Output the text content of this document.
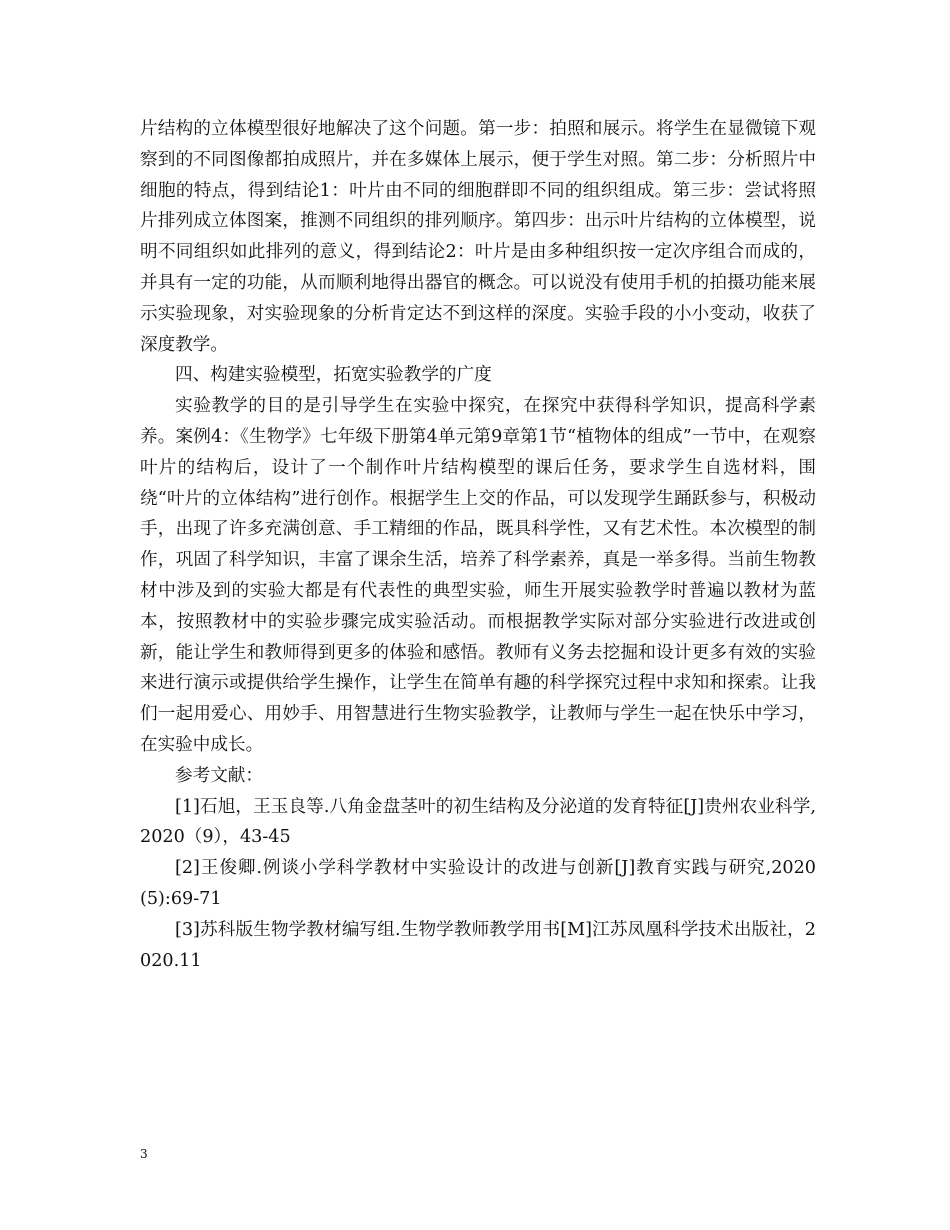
片结构的立体模型很好地解决了这个问题。第一步：拍照和展示。将学生在显微镜下观察到的不同图像都拍成照片，并在多媒体上展示，便于学生对照。第二步：分析照片中细胞的特点，得到结论1：叶片由不同的细胞群即不同的组织组成。第三步：尝试将照片排列成立体图案，推测不同组织的排列顺序。第四步：出示叶片结构的立体模型，说明不同组织如此排列的意义，得到结论2：叶片是由多种组织按一定次序组合而成的，并具有一定的功能，从而顺利地得出器官的概念。可以说没有使用手机的拍摄功能来展示实验现象，对实验现象的分析肯定达不到这样的深度。实验手段的小小变动，收获了深度教学。

四、构建实验模型，拓宽实验教学的广度

实验教学的目的是引导学生在实验中探究，在探究中获得科学知识，提高科学素养。案例4：《生物学》七年级下册第4单元第9章第1节“植物体的组成”一节中，在观察叶片的结构后，设计了一个制作叶片结构模型的课后任务，要求学生自选材料，围绕“叶片的立体结构”进行创作。根据学生上交的作品，可以发现学生踊跃参与，积极动手，出现了许多充满创意、手工精细的作品，既具科学性，又有艺术性。本次模型的制作，巩固了科学知识，丰富了课余生活，培养了科学素养，真是一举多得。当前生物教材中涉及到的实验大都是有代表性的典型实验，师生开展实验教学时普遍以教材为蓝本，按照教材中的实验步骤完成实验活动。而根据教学实际对部分实验进行改进或创新，能让学生和教师得到更多的体验和感悟。教师有义务去挖掘和设计更多有效的实验来进行演示或提供给学生操作，让学生在简单有趣的科学探究过程中求知和探索。让我们一起用爱心、用妙手、用智慧进行生物实验教学，让教师与学生一起在快乐中学习，在实验中成长。

参考文献：

[1]石旭，王玉良等.八角金盘茎叶的初生结构及分泌道的发育特征[J]贵州农业科学,2020（9），43-45

[2]王俊卿.例谈小学科学教材中实验设计的改进与创新[J]教育实践与研究,2020(5):69-71

[3]苏科版生物学教材编写组.生物学教师教学用书[M]江苏凤凰科学技术出版社，2020.11

3
